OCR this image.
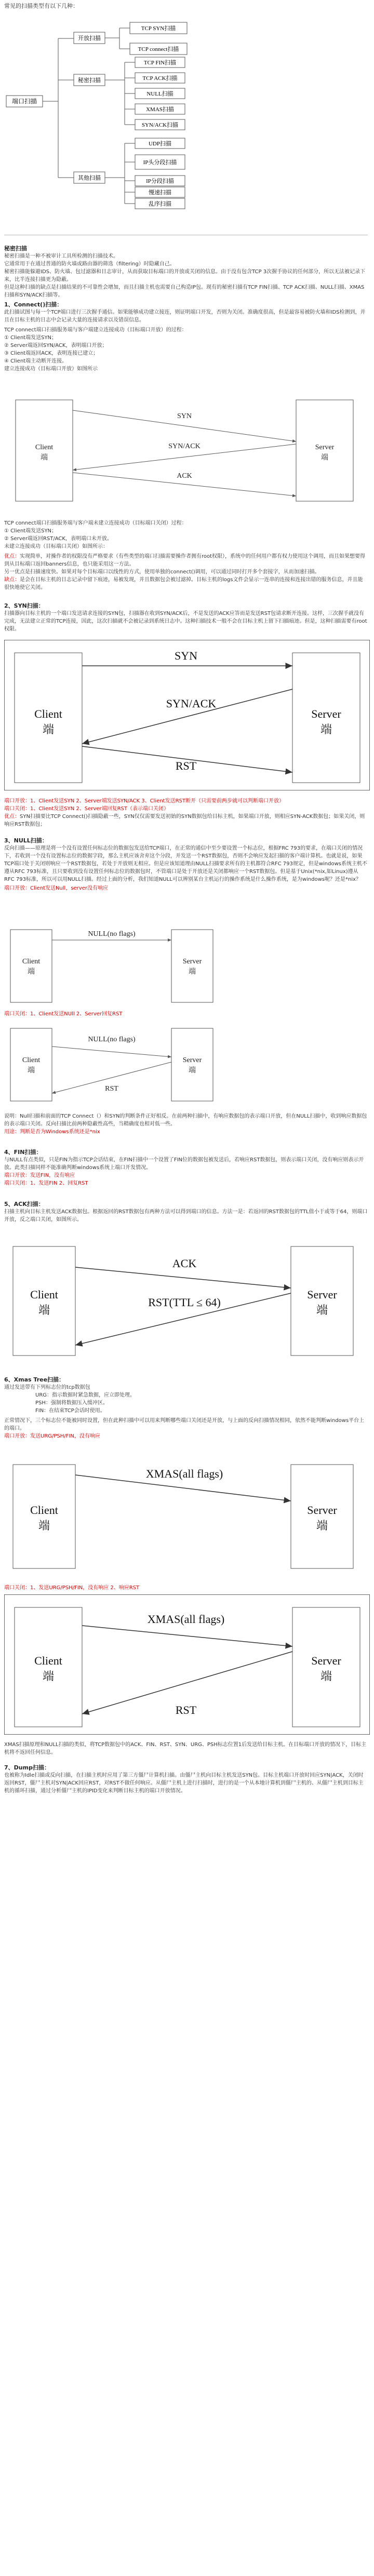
常见的扫描类型有以下几种：
端口扫描
开放扫描
秘密扫描
其他扫描
TCP SYN扫描
TCP connect扫描
TCP FIN扫描
TCP ACK扫描
NULL扫描
XMAS扫描
SYN/ACK扫描
UDP扫描
IP头分段扫描
IP分段扫描
慢速扫描
乱序扫描
秘密扫描
秘密扫描是一种不被审计工具所检测的扫描技术。
它通常用于在通过普通的防火墙或路由器的筛选（filtering）时隐藏自己。
秘密扫描能躲避IDS、防火墙、包过滤器和日志审计，从而获取目标端口的开放或关闭的信息。由于没有包含TCP 3次握手协议的任何部分，所以无法被记录下来，比半连接扫描更为隐蔽。
但是这种扫描的缺点是扫描结果的不可靠性会增加，而且扫描主机也需要自己构造IP包。现有的秘密扫描有TCP FIN扫描、TCP ACK扫描、NULL扫描、XMAS扫描和SYN/ACK扫描等。
1、Connect()扫描：
此扫描试图与每一个TCP端口进行三次握手通信。如果能够成功建立接连，则证明端口开发，否则为关闭。准确度很高，但是最容易被防火墙和IDS检测到，并且在目标主机的日志中会记录大量的连接请求以及错误信息。
TCP connect端口扫描服务端与客户端建立连接成功（目标端口开放）的过程：
① Client端发送SYN；
② Server端返回SYN/ACK，表明端口开放；
③ Client端返回ACK，表明连接已建立；
④ Client端主动断开连接。
建立连接成功（目标端口开放）如图所示
Client
端
Server
端
SYN
SYN/ACK
ACK
TCP connect端口扫描服务端与客户端未建立连接成功（目标端口关闭）过程：
① Client端发送SYN；
② Server端返回RST/ACK，表明端口未开放。
未建立连接成功（目标端口关闭）如图所示：
优点：实现简单，对操作者的权限没有严格要求（有些类型的端口扫描需要操作者拥有root权限），系统中的任何用户都有权力使用这个调用，而且如果想要得到从目标端口返回banners信息，也只能采用这一方法。
另一优点是扫描速度快。如果对每个目标端口以线性的方式，使用单独的connect()调用，可以通过同时打开多个套接字，从而加速扫描。
缺点：是会在目标主机的日志记录中留下痕迹，易被发现，并且数据包会被过滤掉。目标主机的logs文件会显示一连串的连接和连接出错的服务信息，并且能很快地使它关闭。
2、SYN扫描：
扫描器向目标主机的一个端口发送请求连接的SYN包，扫描器在收到SYN/ACK后，不是发送的ACK应答而是发送RST包请求断开连接。这样，三次握手就没有完成，无法建立正常的TCP连接，因此，这次扫描就不会被记录到系统日志中。这种扫描技术一般不会在目标主机上留下扫描痕迹。但是，这种扫描需要有root权限。
Client
端
Server
端
SYN
SYN/ACK
RST
端口开放：1、Client发送SYN 2、Server端发送SYN/ACK 3、Client发送RST断开（只需要前两步就可以判断端口开放）
端口关闭：1、Client发送SYN 2、Server端回复RST（表示端口关闭）
优点：SYN扫描要比TCP Connect()扫描隐蔽一些，SYN仅仅需要发送初始的SYN数据包给目标主机，如果端口开放，则相应SYN-ACK数据包；如果关闭，则响应RST数据包；
3、NULL扫描：
反向扫描——原理是将一个没有设置任何标志位的数据包发送给TCP端口，在正常的通信中至少要设置一个标志位，根据FRC 793的要求，在端口关闭的情况下，若收到一个没有设置标志位的数据字段，那么主机应该舍弃这个分段，并发送一个RST数据包，否则不会响应发起扫描的客户端计算机。也就是说，如果TCP端口处于关闭则响应一个RST数据包，若处于开放则无相应。但是应该知道理由NULL扫描要求所有的主机都符合RFC 793规定，但是windows系统主机不遵从RFC 793标准，且只要收到没有设置任何标志位的数据包时，不管端口是处于开放还是关闭都响应一个RST数据包。但是基于Unix(*nix,如Linux)遵从RFC 793标准，所以可以用NULL扫描。经过上面的分析，我们知道NULL可以辨别某台主机运行的操作系统是什么操作系统，是为windows呢？还是*nix？
端口开放：Client发送Null，server没有响应
Client
端
Server
端
NULL(no flags)
端口关闭：1、Client发送NUll 2、Server回复RST
Client
端
Server
端
NULL(no flags)
RST
说明：Null扫描和前面的TCP Connect（）和SYN的判断条件正好相反。在前两种扫描中，有响应数据包的表示端口开放，但在NULL扫描中，收到响应数据包的表示端口关闭。反向扫描比前两种隐蔽性高些，当精确度也相对低一些。
用途：判断是否为Windows系统还是*nix
4、FIN扫描：
与NULL有点类似，只是FIN为指示TCP会话结束，在FIN扫描中一个设置了FIN位的数据包被发送后，若响应RST数据包，则表示端口关闭，没有响应则表示开放。此类扫描同样不能准确判断windows系统上端口开发情况。
端口开放：发送FIN，没有响应
端口关闭：1、发送FIN 2、回复RST
5、ACK扫描：
扫描主机向目标主机发送ACK数据包。根据返回的RST数据包有两种方法可以得到端口的信息。方法一是：若返回的RST数据包的TTL值小于或等于64，则端口开放，反之端口关闭，如图所示。
Client
端
Server
端
ACK
RST(TTL ≤ 64)
6、Xmas Tree扫描：
通过发送带有下列标志位的tcp数据包
URG：指示数据时紧急数据，应立即处理。
PSH：强制将数据压入缓冲区。
FIN：在结束TCP会话时使用。
正常情况下，三个标志位不能被同时设置，但在此种扫描中可以用来判断哪些端口关闭还是开放，与上面的反向扫描情况相同，依然不能判断windows平台上的端口。
端口开放：发送URG/PSH/FIN，没有响应
Client
端
Server
端
XMAS(all flags)
端口关闭：1、发送URG/PSH/FIN，没有响应 2、响应RST
Client
端
Server
端
XMAS(all flags)
RST
XMAS扫描原理和NULL扫描的类似，将TCP数据包中的ACK、FIN、RST、SYN、URG、PSH标志位置1后发送给目标主机。在目标端口开放的情况下，目标主机将不返回任何信息。
7、Dump扫描：
也被称为Idle扫描或反向扫描，在扫描主机时应用了第三方僵尸计算机扫描。由僵尸主机向目标主机发送SYN包。目标主机端口开放时回应SYN|ACK，关闭时返回RST，僵尸主机对SYN|ACK回应RST，对RST不做任何响应。从僵尸主机上进行扫描时，进行的是一个从本地计算机到僵尸主机的、从僵尸主机到目标主机的循环扫描，通过分析僵尸主机的IPID变化来判断目标主机的端口开放情况。
